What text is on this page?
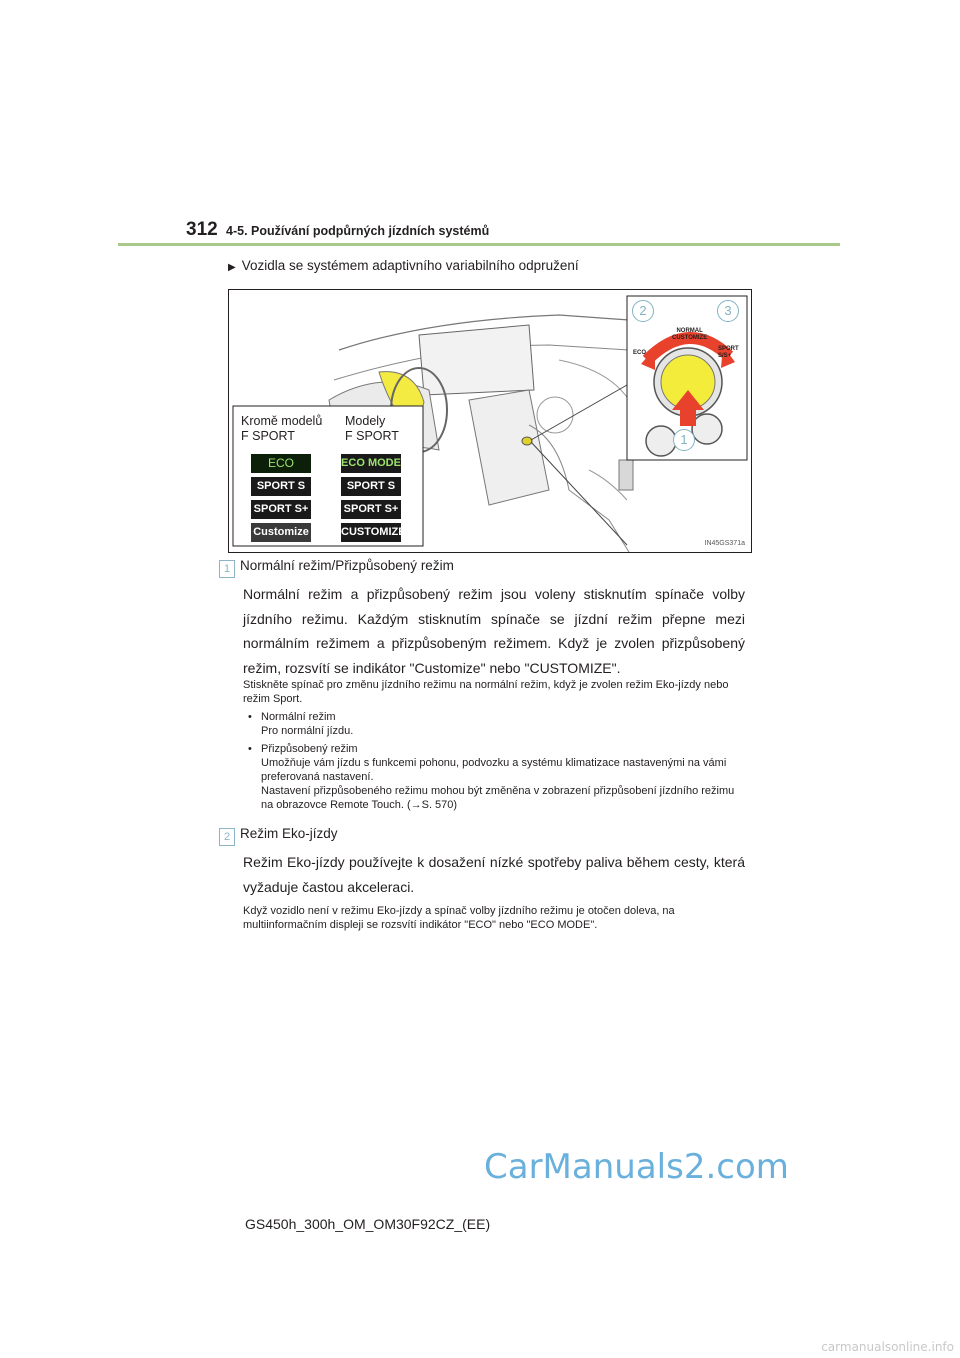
312 4-5. Používání podpůrných jízdních systémů
▶ Vozidla se systémem adaptivního variabilního odpružení
NORMAL
CUSTOMIZE
ECO
SPORT
S/S+
2	3
1
Kromě modelů
F SPORT
Modely
F SPORT
ECO
SPORT S
SPORT S+
Customize
ECO MODE
SPORT S
SPORT S+
CUSTOMIZE
IN45GS371a
1 Normální režim/Přizpůsobený režim
Normální režim a přizpůsobený režim jsou voleny stisknutím spínače volby jízdního režimu. Každým stisknutím spínače se jízdní režim přepne mezi normálním režimem a přizpůsobeným režimem. Když je zvolen přizpůsobený režim, rozsvítí se indikátor "Customize" nebo "CUSTOMIZE".
Stiskněte spínač pro změnu jízdního režimu na normální režim, když je zvolen režim Eko-jízdy nebo režim Sport.
• Normální režim
Pro normální jízdu.
• Přizpůsobený režim
Umožňuje vám jízdu s funkcemi pohonu, podvozku a systému klimatizace nastavenými na vámi preferovaná nastavení.
Nastavení přizpůsobeného režimu mohou být změněna v zobrazení přizpůsobení jízdního režimu na obrazovce Remote Touch. (→S. 570)
2 Režim Eko-jízdy
Režim Eko-jízdy používejte k dosažení nízké spotřeby paliva během cesty, která vyžaduje častou akceleraci.
Když vozidlo není v režimu Eko-jízdy a spínač volby jízdního režimu je otočen doleva, na multiinformačním displeji se rozsvítí indikátor "ECO" nebo "ECO MODE".
CarManuals2.com
GS450h_300h_OM_OM30F92CZ_(EE)
carmanualsonline.info
